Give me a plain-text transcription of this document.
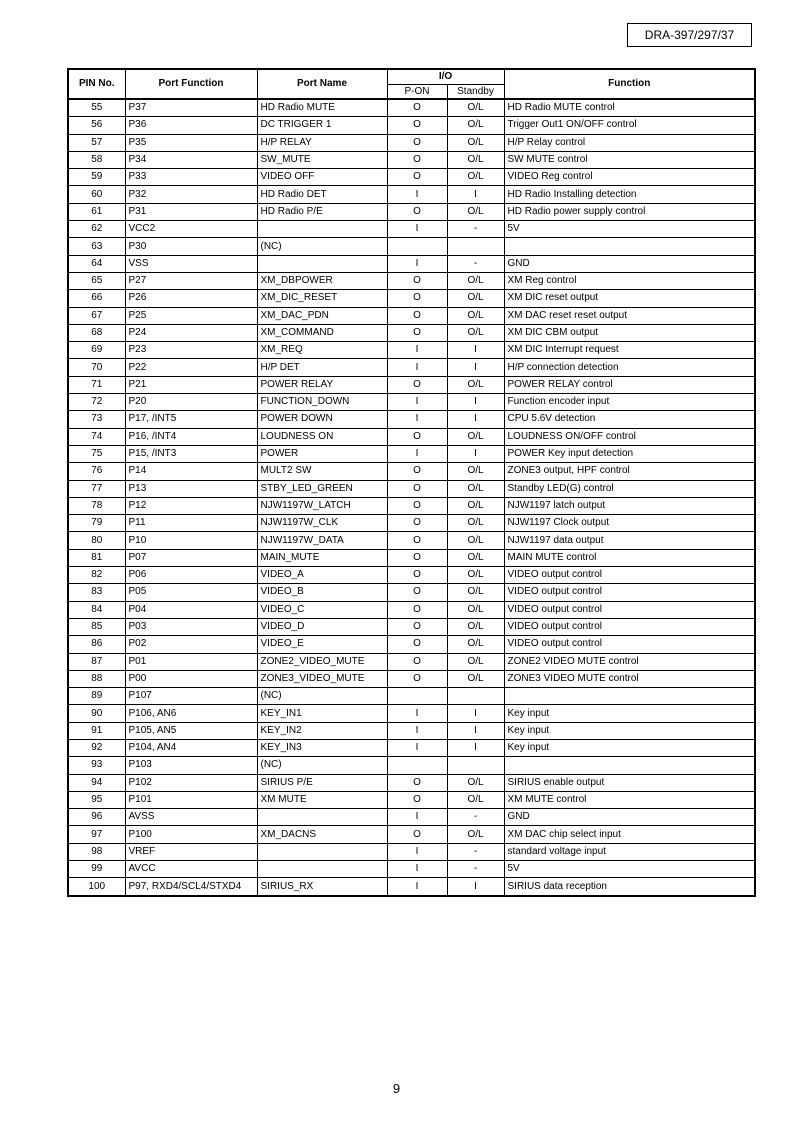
DRA-397/297/37
PIN No.	Port Function	Port Name	I/O		Function
			P-ON	Standby	
55	P37	HD Radio MUTE	O	O/L	HD Radio MUTE control
56	P36	DC TRIGGER 1	O	O/L	Trigger Out1 ON/OFF control
57	P35	H/P RELAY	O	O/L	H/P Relay control
58	P34	SW_MUTE	O	O/L	SW MUTE control
59	P33	VIDEO OFF	O	O/L	VIDEO Reg control
60	P32	HD Radio DET	I	I	HD Radio Installing detection
61	P31	HD Radio P/E	O	O/L	HD Radio power supply control
62	VCC2		I	-	5V
63	P30	(NC)			
64	VSS		I	-	GND
65	P27	XM_DBPOWER	O	O/L	XM Reg control
66	P26	XM_DIC_RESET	O	O/L	XM DIC reset output
67	P25	XM_DAC_PDN	O	O/L	XM DAC reset reset output
68	P24	XM_COMMAND	O	O/L	XM DIC CBM output
69	P23	XM_REQ	I	I	XM DIC Interrupt request
70	P22	H/P DET	I	I	H/P connection detection
71	P21	POWER RELAY	O	O/L	POWER RELAY control
72	P20	FUNCTION_DOWN	I	I	Function encoder input
73	P17, /INT5	POWER DOWN	I	I	CPU 5.6V detection
74	P16, /INT4	LOUDNESS ON	O	O/L	LOUDNESS ON/OFF control
75	P15, /INT3	POWER	I	I	POWER Key input detection
76	P14	MULT2 SW	O	O/L	ZONE3 output, HPF control
77	P13	STBY_LED_GREEN	O	O/L	Standby LED(G) control
78	P12	NJW1197W_LATCH	O	O/L	NJW1197 latch output
79	P11	NJW1197W_CLK	O	O/L	NJW1197 Clock output
80	P10	NJW1197W_DATA	O	O/L	NJW1197 data output
81	P07	MAIN_MUTE	O	O/L	MAIN MUTE control
82	P06	VIDEO_A	O	O/L	VIDEO output control
83	P05	VIDEO_B	O	O/L	VIDEO output control
84	P04	VIDEO_C	O	O/L	VIDEO output control
85	P03	VIDEO_D	O	O/L	VIDEO output control
86	P02	VIDEO_E	O	O/L	VIDEO output control
87	P01	ZONE2_VIDEO_MUTE	O	O/L	ZONE2 VIDEO MUTE control
88	P00	ZONE3_VIDEO_MUTE	O	O/L	ZONE3 VIDEO MUTE control
89	P107	(NC)			
90	P106, AN6	KEY_IN1	I	I	Key input
91	P105, AN5	KEY_IN2	I	I	Key input
92	P104, AN4	KEY_IN3	I	I	Key input
93	P103	(NC)			
94	P102	SIRIUS P/E	O	O/L	SIRIUS enable output
95	P101	XM MUTE	O	O/L	XM MUTE control
96	AVSS		I	-	GND
97	P100	XM_DACNS	O	O/L	XM DAC chip select input
98	VREF		I	-	standard voltage input
99	AVCC		I	-	5V
100	P97, RXD4/SCL4/STXD4	SIRIUS_RX	I	I	SIRIUS data reception
9
